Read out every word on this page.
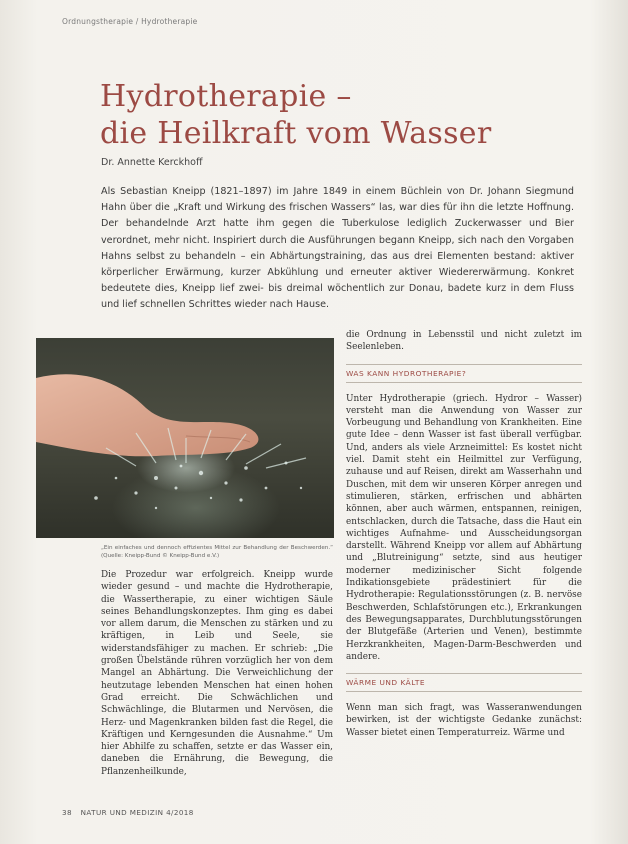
Ordnungstherapie / Hydrotherapie
Hydrotherapie –
die Heilkraft vom Wasser
Dr. Annette Kerckhoff

Als Sebastian Kneipp (1821–1897) im Jahre 1849 in einem Büchlein von Dr. Johann Siegmund Hahn über die „Kraft und Wirkung des frischen Wassers“ las, war dies für ihn die letzte Hoffnung. Der behandelnde Arzt hatte ihm gegen die Tuberkulose lediglich Zuckerwasser und Bier verordnet, mehr nicht. Inspiriert durch die Ausführungen begann Kneipp, sich nach den Vorgaben Hahns selbst zu behandeln – ein Abhärtungstraining, das aus drei Elementen bestand: aktiver körperlicher Erwärmung, kurzer Abkühlung und erneuter aktiver Wiedererwärmung. Konkret bedeutete dies, Kneipp lief zwei- bis dreimal wöchentlich zur Donau, badete kurz in dem Fluss und lief schnellen Schrittes wieder nach Hause.

„Ein einfaches und dennoch effizientes Mittel zur Behandlung der Beschwerden.“ (Quelle: Kneipp-Bund © Kneipp-Bund e.V.)

Die Prozedur war erfolgreich. Kneipp wurde wieder gesund – und machte die Hydrotherapie, die Wassertherapie, zu einer wichtigen Säule seines Behandlungskonzeptes. Ihm ging es dabei vor allem darum, die Menschen zu stärken und zu kräftigen, in Leib und Seele, sie widerstandsfähiger zu machen. Er schrieb: „Die großen Übelstände rühren vorzüglich her von dem Mangel an Abhärtung. Die Verweichlichung der heutzutage lebenden Menschen hat einen hohen Grad erreicht. Die Schwächlichen und Schwächlinge, die Blutarmen und Nervösen, die Herz- und Magenkranken bilden fast die Regel, die Kräftigen und Kerngesunden die Ausnahme.“ Um hier Abhilfe zu schaffen, setzte er das Wasser ein, daneben die Ernährung, die Bewegung, die Pflanzenheilkunde,

die Ordnung in Lebensstil und nicht zuletzt im Seelenleben.

WAS KANN HYDROTHERAPIE?

Unter Hydrotherapie (griech. Hydror – Wasser) versteht man die Anwendung von Wasser zur Vorbeugung und Behandlung von Krankheiten. Eine gute Idee – denn Wasser ist fast überall verfügbar. Und, anders als viele Arzneimittel: Es kostet nicht viel. Damit steht ein Heilmittel zur Verfügung, zuhause und auf Reisen, direkt am Wasserhahn und Duschen, mit dem wir unseren Körper anregen und stimulieren, stärken, erfrischen und abhärten können, aber auch wärmen, entspannen, reinigen, entschlacken, durch die Tatsache, dass die Haut ein wichtiges Aufnahme- und Ausscheidungsorgan darstellt. Während Kneipp vor allem auf Abhärtung und „Blutreinigung“ setzte, sind aus heutiger moderner medizinischer Sicht folgende Indikationsgebiete prädestiniert für die Hydrotherapie: Regulationsstörungen (z. B. nervöse Beschwerden, Schlafstörungen etc.), Erkrankungen des Bewegungsapparates, Durchblutungsstörungen der Blutgefäße (Arterien und Venen), bestimmte Herzkrankheiten, Magen-Darm-Beschwerden und andere.

WÄRME UND KÄLTE

Wenn man sich fragt, was Wasseranwendungen bewirken, ist der wichtigste Gedanke zunächst: Wasser bietet einen Temperaturreiz. Wärme und

38 NATUR UND MEDIZIN 4/2018
